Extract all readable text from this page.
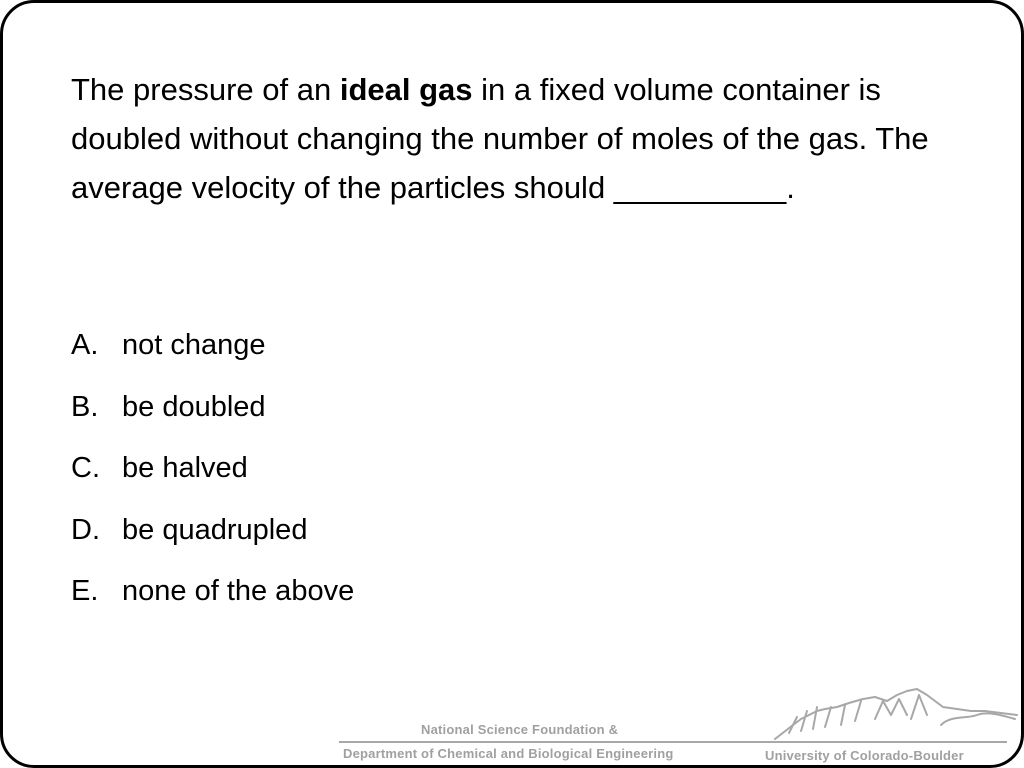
The pressure of an ideal gas in a fixed volume container is doubled without changing the number of moles of the gas. The average velocity of the particles should __________.

A. not change
B. be doubled
C. be halved
D. be quadrupled
E. none of the above
National Science Foundation &
Department of Chemical and Biological Engineering	University of Colorado-Boulder
